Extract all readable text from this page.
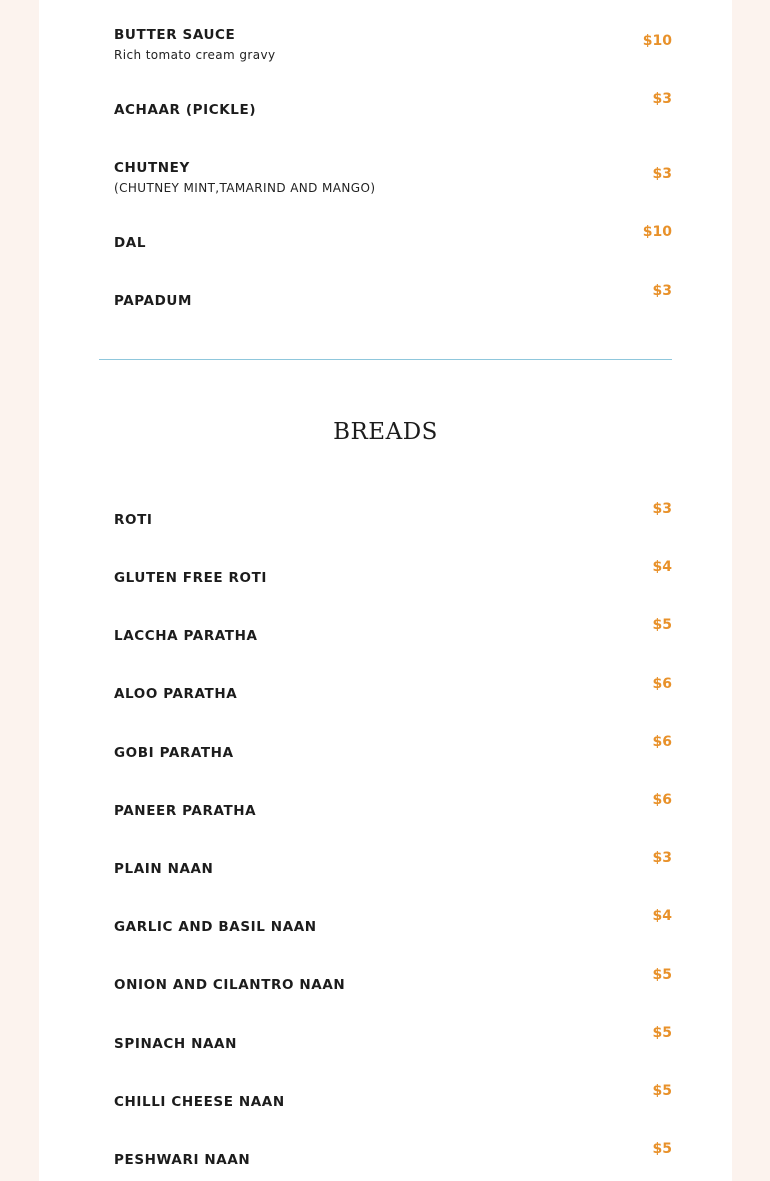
BUTTER SAUCE
Rich tomato cream gravy
$10
ACHAAR (PICKLE)
$3
CHUTNEY
(CHUTNEY MINT,TAMARIND AND MANGO)
$3
DAL
$10
PAPADUM
$3
BREADS
ROTI
$3
GLUTEN FREE ROTI
$4
LACCHA PARATHA
$5
ALOO PARATHA
$6
GOBI PARATHA
$6
PANEER PARATHA
$6
PLAIN NAAN
$3
GARLIC AND BASIL NAAN
$4
ONION AND CILANTRO NAAN
$5
SPINACH NAAN
$5
CHILLI CHEESE NAAN
$5
PESHWARI NAAN
$5
